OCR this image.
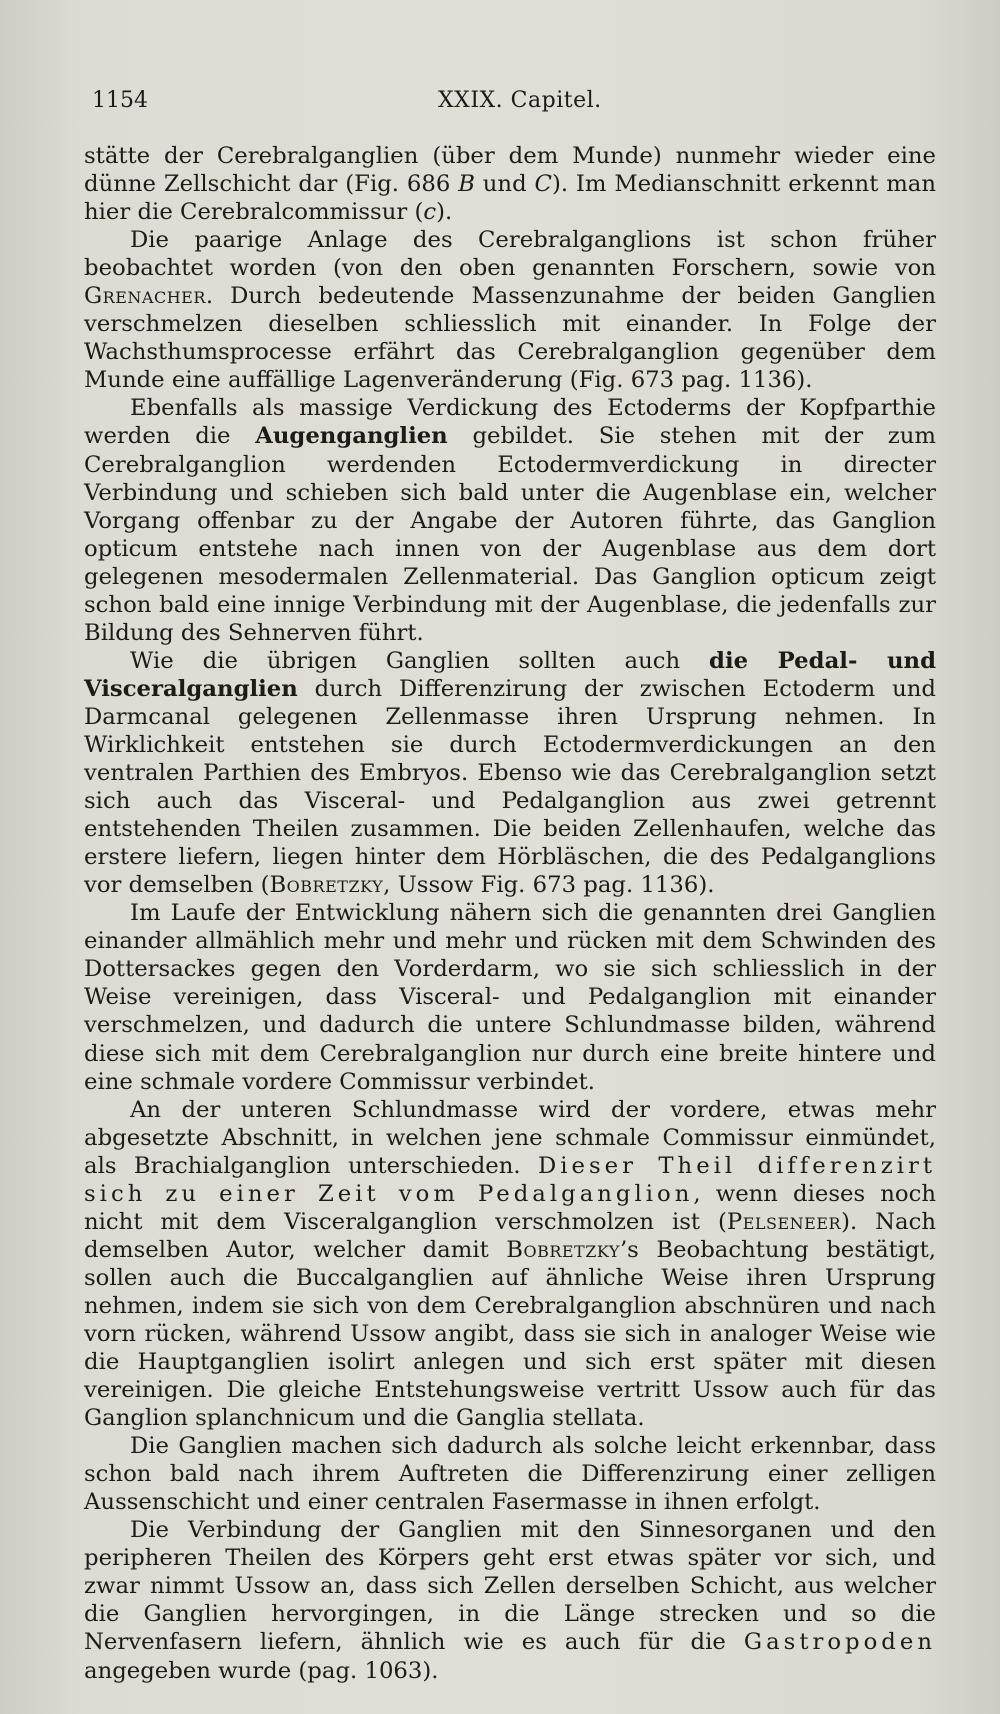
1154	XXIX. Capitel.

stätte der Cerebralganglien (über dem Munde) nunmehr wieder eine dünne Zellschicht dar (Fig. 686 B und C). Im Medianschnitt erkennt man hier die Cerebralcommissur (c).

Die paarige Anlage des Cerebralganglions ist schon früher beobachtet worden (von den oben genannten Forschern, sowie von Grenacher. Durch bedeutende Massenzunahme der beiden Ganglien verschmelzen dieselben schliesslich mit einander. In Folge der Wachsthumsprocesse erfährt das Cerebralganglion gegenüber dem Munde eine auffällige Lagenveränderung (Fig. 673 pag. 1136).

Ebenfalls als massige Verdickung des Ectoderms der Kopfparthie werden die Augenganglien gebildet. Sie stehen mit der zum Cerebralganglion werdenden Ectodermverdickung in directer Verbindung und schieben sich bald unter die Augenblase ein, welcher Vorgang offenbar zu der Angabe der Autoren führte, das Ganglion opticum entstehe nach innen von der Augenblase aus dem dort gelegenen mesodermalen Zellenmaterial. Das Ganglion opticum zeigt schon bald eine innige Verbindung mit der Augenblase, die jedenfalls zur Bildung des Sehnerven führt.

Wie die übrigen Ganglien sollten auch die Pedal- und Visceralganglien durch Differenzirung der zwischen Ectoderm und Darmcanal gelegenen Zellenmasse ihren Ursprung nehmen. In Wirklichkeit entstehen sie durch Ectodermverdickungen an den ventralen Parthien des Embryos. Ebenso wie das Cerebralganglion setzt sich auch das Visceral- und Pedalganglion aus zwei getrennt entstehenden Theilen zusammen. Die beiden Zellenhaufen, welche das erstere liefern, liegen hinter dem Hörbläschen, die des Pedalganglions vor demselben (Bobretzky, Ussow Fig. 673 pag. 1136).

Im Laufe der Entwicklung nähern sich die genannten drei Ganglien einander allmählich mehr und mehr und rücken mit dem Schwinden des Dottersackes gegen den Vorderdarm, wo sie sich schliesslich in der Weise vereinigen, dass Visceral- und Pedalganglion mit einander verschmelzen, und dadurch die untere Schlundmasse bilden, während diese sich mit dem Cerebralganglion nur durch eine breite hintere und eine schmale vordere Commissur verbindet.

An der unteren Schlundmasse wird der vordere, etwas mehr abgesetzte Abschnitt, in welchen jene schmale Commissur einmündet, als Brachialganglion unterschieden. Dieser Theil differenzirt sich zu einer Zeit vom Pedalganglion, wenn dieses noch nicht mit dem Visceralganglion verschmolzen ist (Pelseneer). Nach demselben Autor, welcher damit Bobretzky’s Beobachtung bestätigt, sollen auch die Buccalganglien auf ähnliche Weise ihren Ursprung nehmen, indem sie sich von dem Cerebralganglion abschnüren und nach vorn rücken, während Ussow angibt, dass sie sich in analoger Weise wie die Hauptganglien isolirt anlegen und sich erst später mit diesen vereinigen. Die gleiche Entstehungsweise vertritt Ussow auch für das Ganglion splanchnicum und die Ganglia stellata.

Die Ganglien machen sich dadurch als solche leicht erkennbar, dass schon bald nach ihrem Auftreten die Differenzirung einer zelligen Aussenschicht und einer centralen Fasermasse in ihnen erfolgt.

Die Verbindung der Ganglien mit den Sinnesorganen und den peripheren Theilen des Körpers geht erst etwas später vor sich, und zwar nimmt Ussow an, dass sich Zellen derselben Schicht, aus welcher die Ganglien hervorgingen, in die Länge strecken und so die Nervenfasern liefern, ähnlich wie es auch für die Gastropoden angegeben wurde (pag. 1063).
